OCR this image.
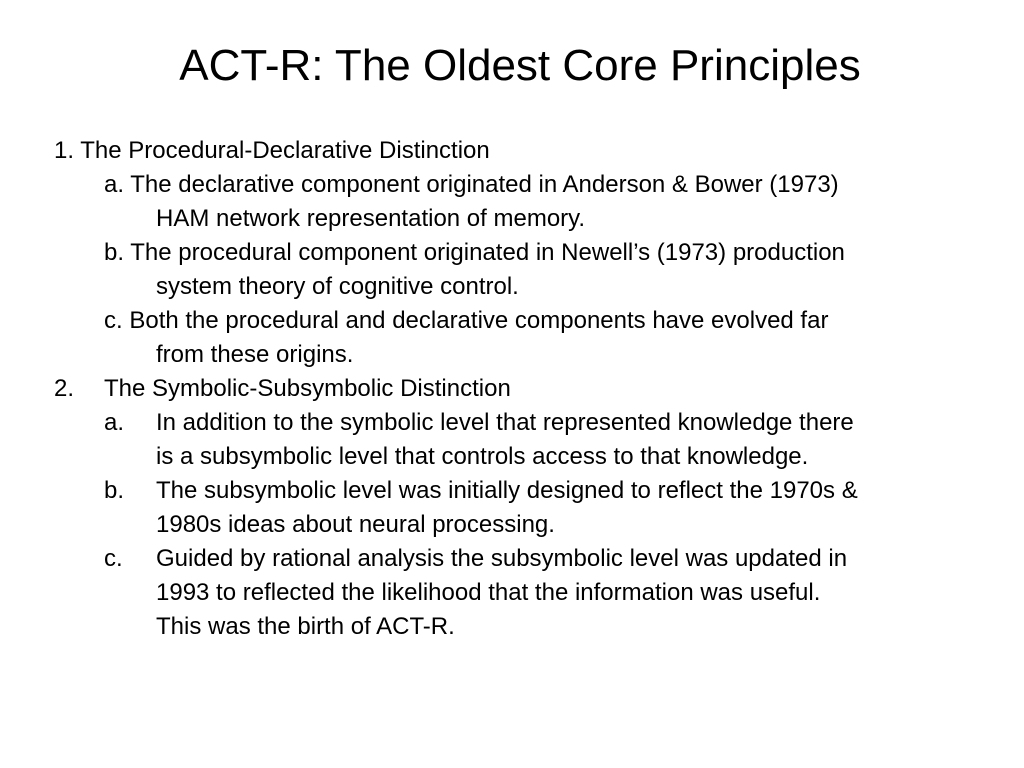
ACT-R: The Oldest Core Principles
1. The Procedural-Declarative Distinction
a. The declarative component originated in Anderson & Bower (1973)
HAM network representation of memory.
b. The procedural component originated in Newell’s (1973) production
system theory of cognitive control.
c. Both the procedural and declarative components have evolved far
from these origins.
2. The Symbolic-Subsymbolic Distinction
a. In addition to the symbolic level that represented knowledge there
is a subsymbolic level that controls access to that knowledge.
b. The subsymbolic level was initially designed to reflect the 1970s &
1980s ideas about neural processing.
c. Guided by rational analysis the subsymbolic level was updated in
1993 to reflected the likelihood that the information was useful.
This was the birth of ACT-R.
